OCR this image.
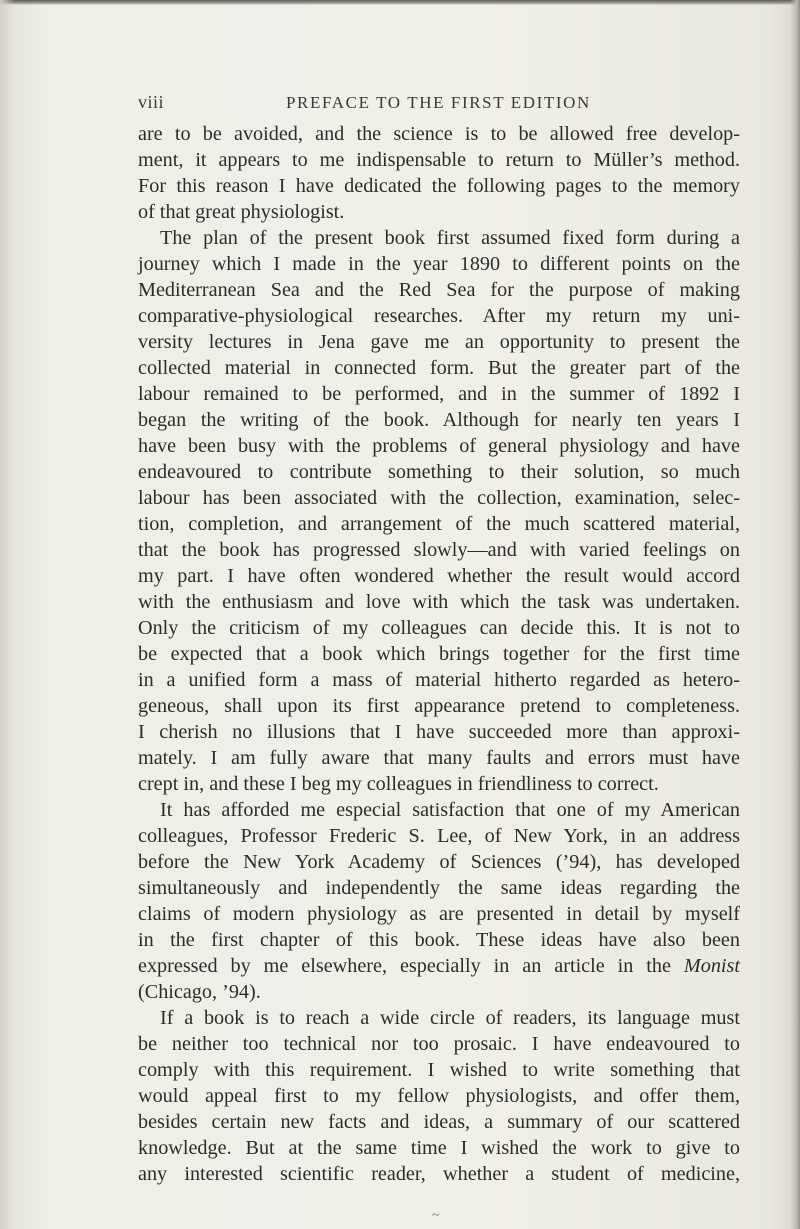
viii	PREFACE TO THE FIRST EDITION
are to be avoided, and the science is to be allowed free develop-
ment, it appears to me indispensable to return to Müller’s method.
For this reason I have dedicated the following pages to the memory
of that great physiologist.
The plan of the present book first assumed fixed form during a
journey which I made in the year 1890 to different points on the
Mediterranean Sea and the Red Sea for the purpose of making
comparative-physiological researches. After my return my uni-
versity lectures in Jena gave me an opportunity to present the
collected material in connected form. But the greater part of the
labour remained to be performed, and in the summer of 1892 I
began the writing of the book. Although for nearly ten years I
have been busy with the problems of general physiology and have
endeavoured to contribute something to their solution, so much
labour has been associated with the collection, examination, selec-
tion, completion, and arrangement of the much scattered material,
that the book has progressed slowly—and with varied feelings on
my part. I have often wondered whether the result would accord
with the enthusiasm and love with which the task was undertaken.
Only the criticism of my colleagues can decide this. It is not to
be expected that a book which brings together for the first time
in a unified form a mass of material hitherto regarded as hetero-
geneous, shall upon its first appearance pretend to completeness.
I cherish no illusions that I have succeeded more than approxi-
mately. I am fully aware that many faults and errors must have
crept in, and these I beg my colleagues in friendliness to correct.
It has afforded me especial satisfaction that one of my American
colleagues, Professor Frederic S. Lee, of New York, in an address
before the New York Academy of Sciences (’94), has developed
simultaneously and independently the same ideas regarding the
claims of modern physiology as are presented in detail by myself
in the first chapter of this book. These ideas have also been
expressed by me elsewhere, especially in an article in the Monist
(Chicago, ’94).
If a book is to reach a wide circle of readers, its language must
be neither too technical nor too prosaic. I have endeavoured to
comply with this requirement. I wished to write something that
would appeal first to my fellow physiologists, and offer them,
besides certain new facts and ideas, a summary of our scattered
knowledge. But at the same time I wished the work to give to
any interested scientific reader, whether a student of medicine,
~
